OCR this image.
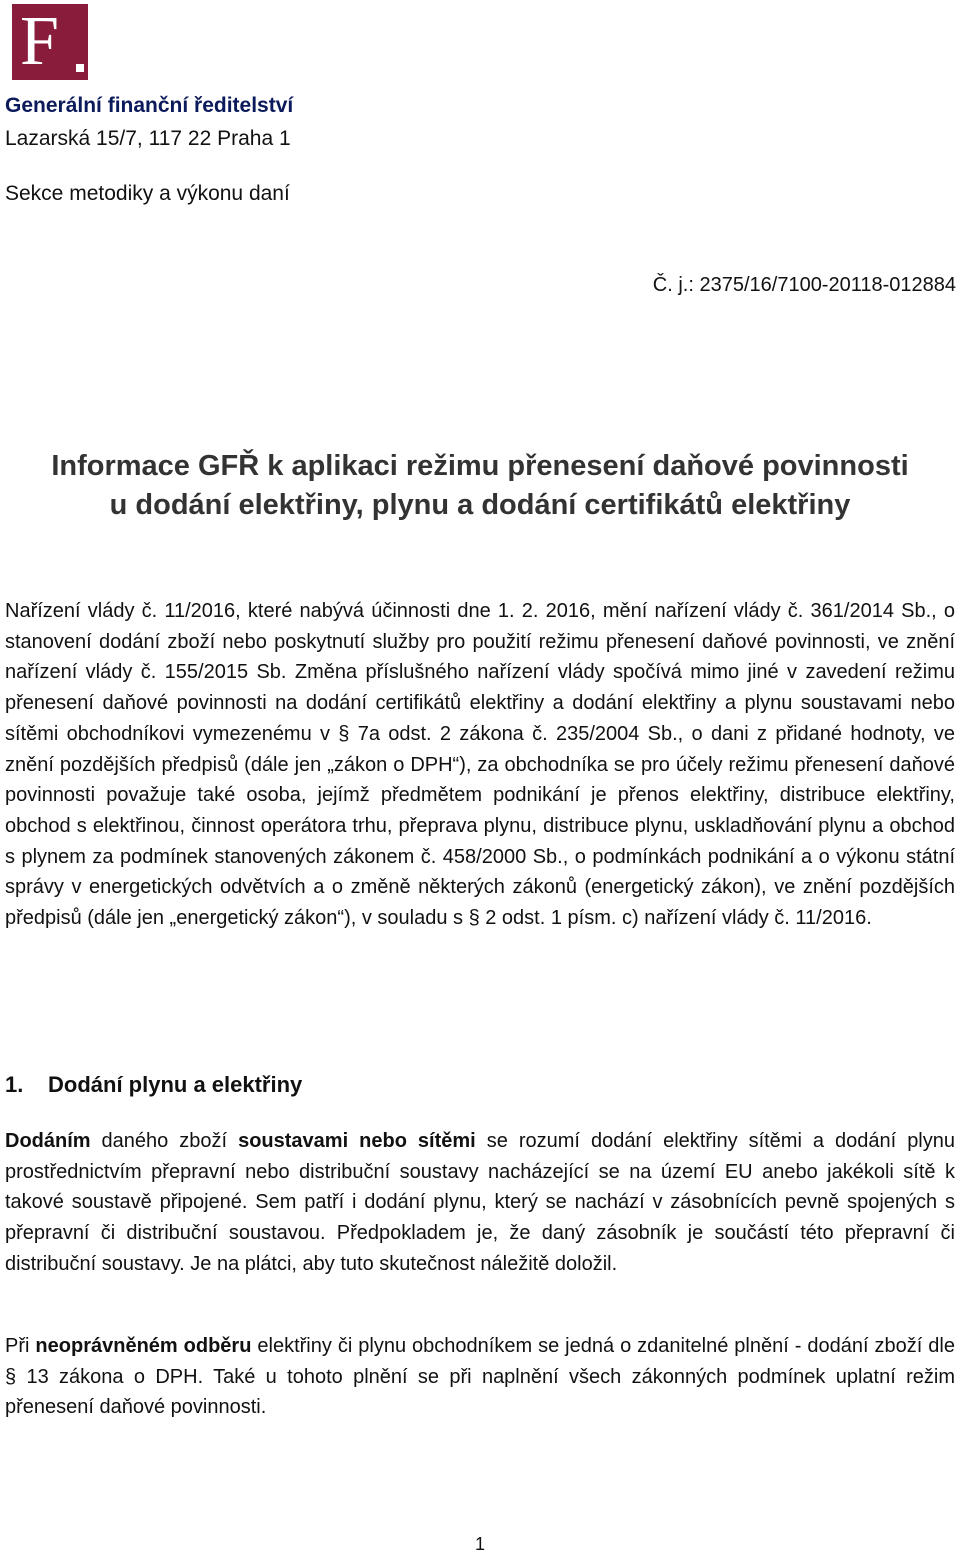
F
Generální finanční ředitelství
Lazarská 15/7, 117 22 Praha 1
Sekce metodiky a výkonu daní
Č. j.: 2375/16/7100-20118-012884
Informace GFŘ k aplikaci režimu přenesení daňové povinnosti
u dodání elektřiny, plynu a dodání certifikátů elektřiny

Nařízení vlády č. 11/2016, které nabývá účinnosti dne 1. 2. 2016, mění nařízení vlády č. 361/2014 Sb., o stanovení dodání zboží nebo poskytnutí služby pro použití režimu přenesení daňové povinnosti, ve znění nařízení vlády č. 155/2015 Sb. Změna příslušného nařízení vlády spočívá mimo jiné v zavedení režimu přenesení daňové povinnosti na dodání certifikátů elektřiny a dodání elektřiny a plynu soustavami nebo sítěmi obchodníkovi vymezenému v § 7a odst. 2 zákona č. 235/2004 Sb., o dani z přidané hodnoty, ve znění pozdějších předpisů (dále jen „zákon o DPH“), za obchodníka se pro účely režimu přenesení daňové povinnosti považuje také osoba, jejímž předmětem podnikání je přenos elektřiny, distribuce elektřiny, obchod s elektřinou, činnost operátora trhu, přeprava plynu, distribuce plynu, uskladňování plynu a obchod s plynem za podmínek stanovených zákonem č. 458/2000 Sb., o podmínkách podnikání a o výkonu státní správy v energetických odvětvích a o změně některých zákonů (energetický zákon), ve znění pozdějších předpisů (dále jen „energetický zákon“), v souladu s § 2 odst. 1 písm. c) nařízení vlády č. 11/2016.

1. Dodání plynu a elektřiny

Dodáním daného zboží soustavami nebo sítěmi se rozumí dodání elektřiny sítěmi a dodání plynu prostřednictvím přepravní nebo distribuční soustavy nacházející se na území EU anebo jakékoli sítě k takové soustavě připojené. Sem patří i dodání plynu, který se nachází v zásobnících pevně spojených s přepravní či distribuční soustavou. Předpokladem je, že daný zásobník je součástí této přepravní či distribuční soustavy. Je na plátci, aby tuto skutečnost náležitě doložil.

Při neoprávněném odběru elektřiny či plynu obchodníkem se jedná o zdanitelné plnění - dodání zboží dle § 13 zákona o DPH. Také u tohoto plnění se při naplnění všech zákonných podmínek uplatní režim přenesení daňové povinnosti.

1
